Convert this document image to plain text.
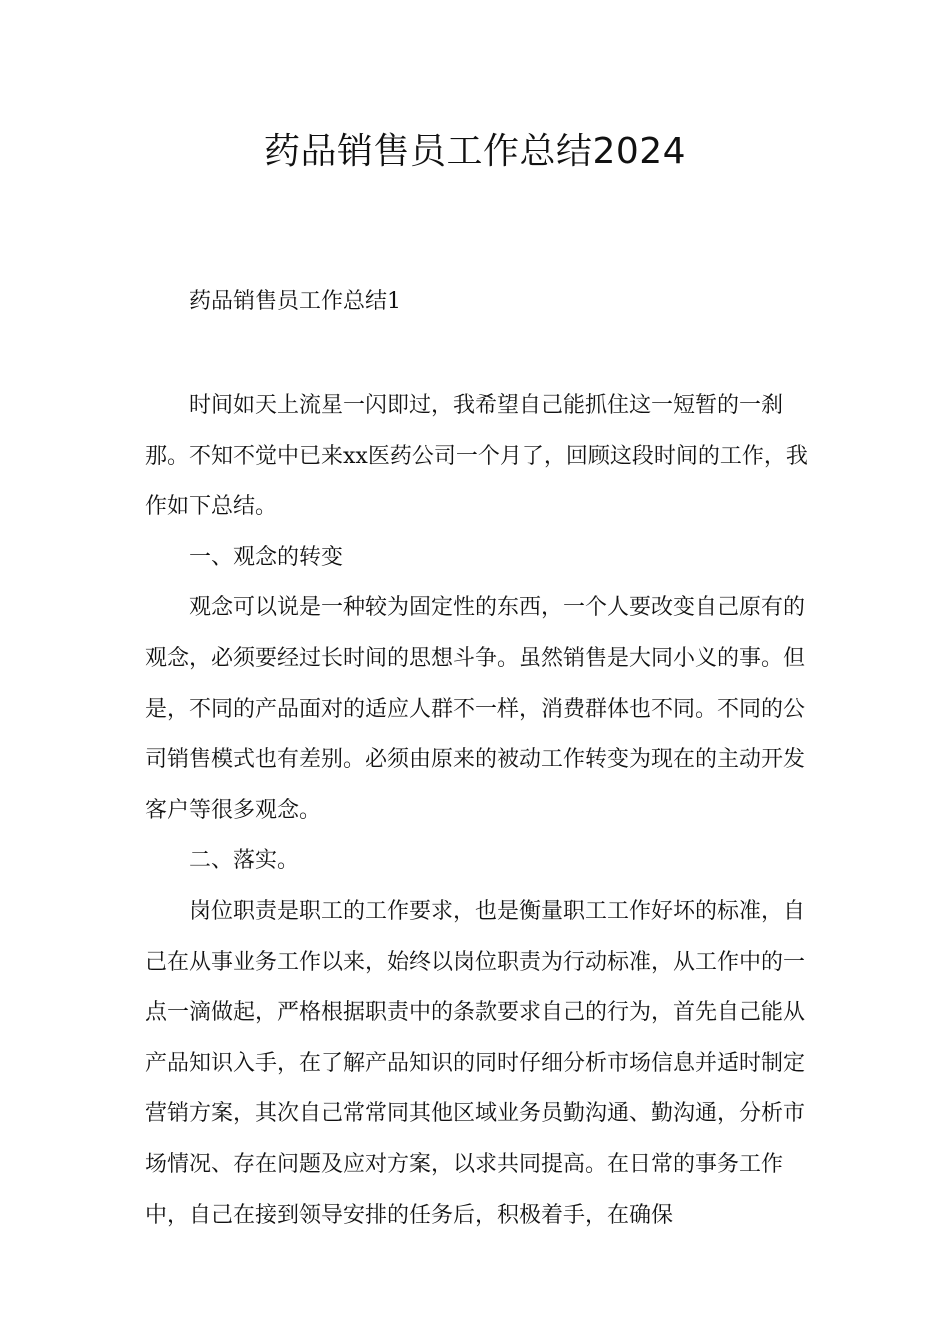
药品销售员工作总结2024

药品销售员工作总结1

时间如天上流星一闪即过，我希望自己能抓住这一短暂的一刹那。不知不觉中已来xx医药公司一个月了，回顾这段时间的工作，我作如下总结。

一、观念的转变

观念可以说是一种较为固定性的东西，一个人要改变自己原有的观念，必须要经过长时间的思想斗争。虽然销售是大同小义的事。但是，不同的产品面对的适应人群不一样，消费群体也不同。不同的公司销售模式也有差别。必须由原来的被动工作转变为现在的主动开发客户等很多观念。

二、落实。

岗位职责是职工的工作要求，也是衡量职工工作好坏的标准，自己在从事业务工作以来，始终以岗位职责为行动标准，从工作中的一点一滴做起，严格根据职责中的条款要求自己的行为，首先自己能从产品知识入手，在了解产品知识的同时仔细分析市场信息并适时制定营销方案，其次自己常常同其他区域业务员勤沟通、勤沟通，分析市场情况、存在问题及应对方案，以求共同提高。在日常的事务工作中，自己在接到领导安排的任务后，积极着手，在确保
